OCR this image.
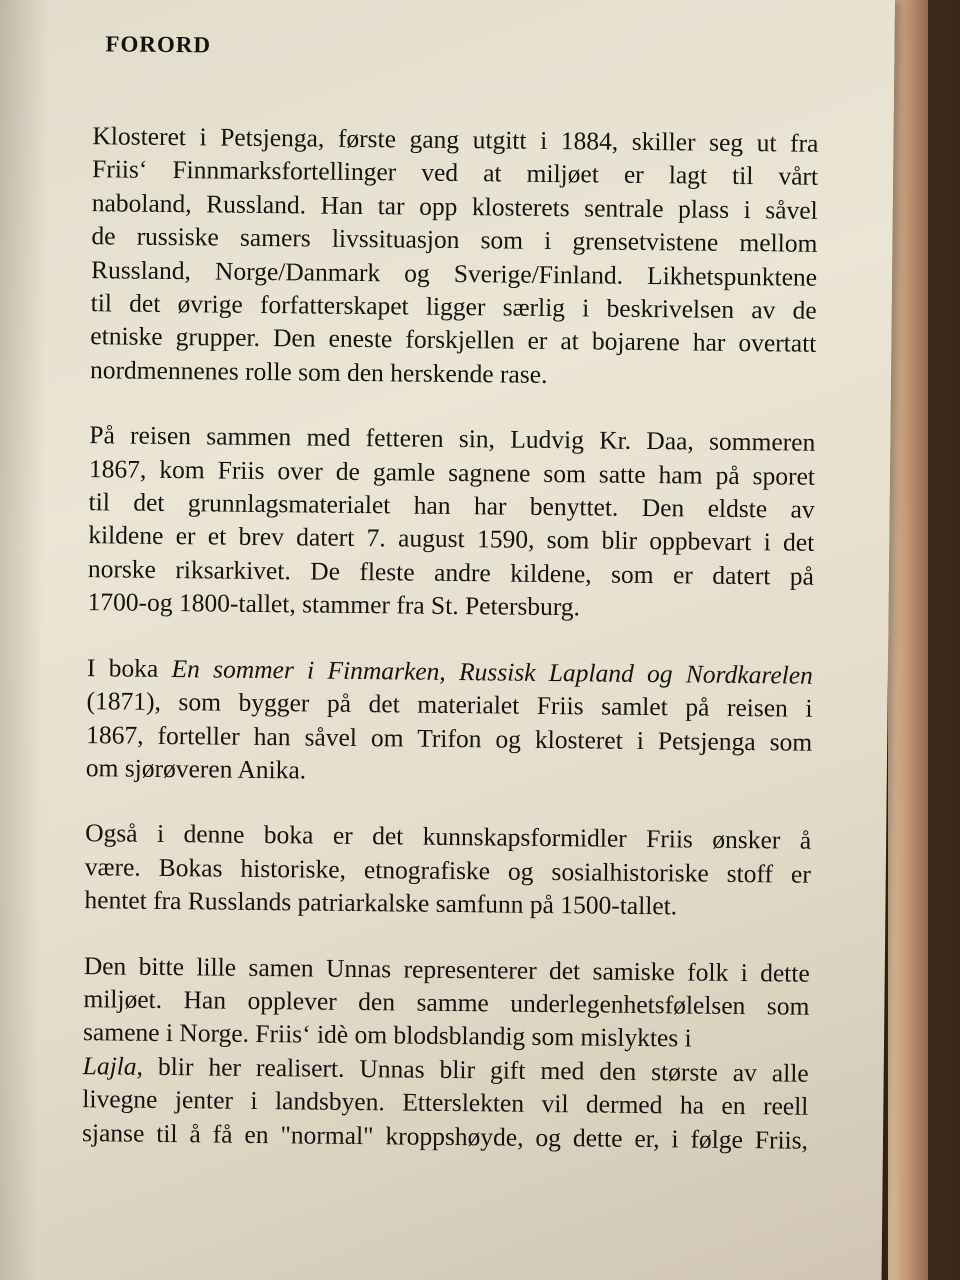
FORORD
Klosteret i Petsjenga, første gang utgitt i 1884, skiller seg ut fra
Friis‘ Finnmarksfortellinger ved at miljøet er lagt til vårt
naboland, Russland. Han tar opp klosterets sentrale plass i såvel
de russiske samers livssituasjon som i grensetvistene mellom
Russland, Norge/Danmark og Sverige/Finland. Likhetspunktene
til det øvrige forfatterskapet ligger særlig i beskrivelsen av de
etniske grupper. Den eneste forskjellen er at bojarene har overtatt
nordmennenes rolle som den herskende rase.
På reisen sammen med fetteren sin, Ludvig Kr. Daa, sommeren
1867, kom Friis over de gamle sagnene som satte ham på sporet
til det grunnlagsmaterialet han har benyttet. Den eldste av
kildene er et brev datert 7. august 1590, som blir oppbevart i det
norske riksarkivet. De fleste andre kildene, som er datert på
1700-og 1800-tallet, stammer fra St. Petersburg.
I boka En sommer i Finmarken, Russisk Lapland og Nordkarelen
(1871), som bygger på det materialet Friis samlet på reisen i
1867, forteller han såvel om Trifon og klosteret i Petsjenga som
om sjørøveren Anika.
Også i denne boka er det kunnskapsformidler Friis ønsker å
være. Bokas historiske, etnografiske og sosialhistoriske stoff er
hentet fra Russlands patriarkalske samfunn på 1500-tallet.
Den bitte lille samen Unnas representerer det samiske folk i dette
miljøet. Han opplever den samme underlegenhetsfølelsen som
samene i Norge. Friis‘ idè om blodsblandig som mislyktes i
Lajla, blir her realisert. Unnas blir gift med den største av alle
livegne jenter i landsbyen. Etterslekten vil dermed ha en reell
sjanse til å få en "normal" kroppshøyde, og dette er, i følge Friis,
